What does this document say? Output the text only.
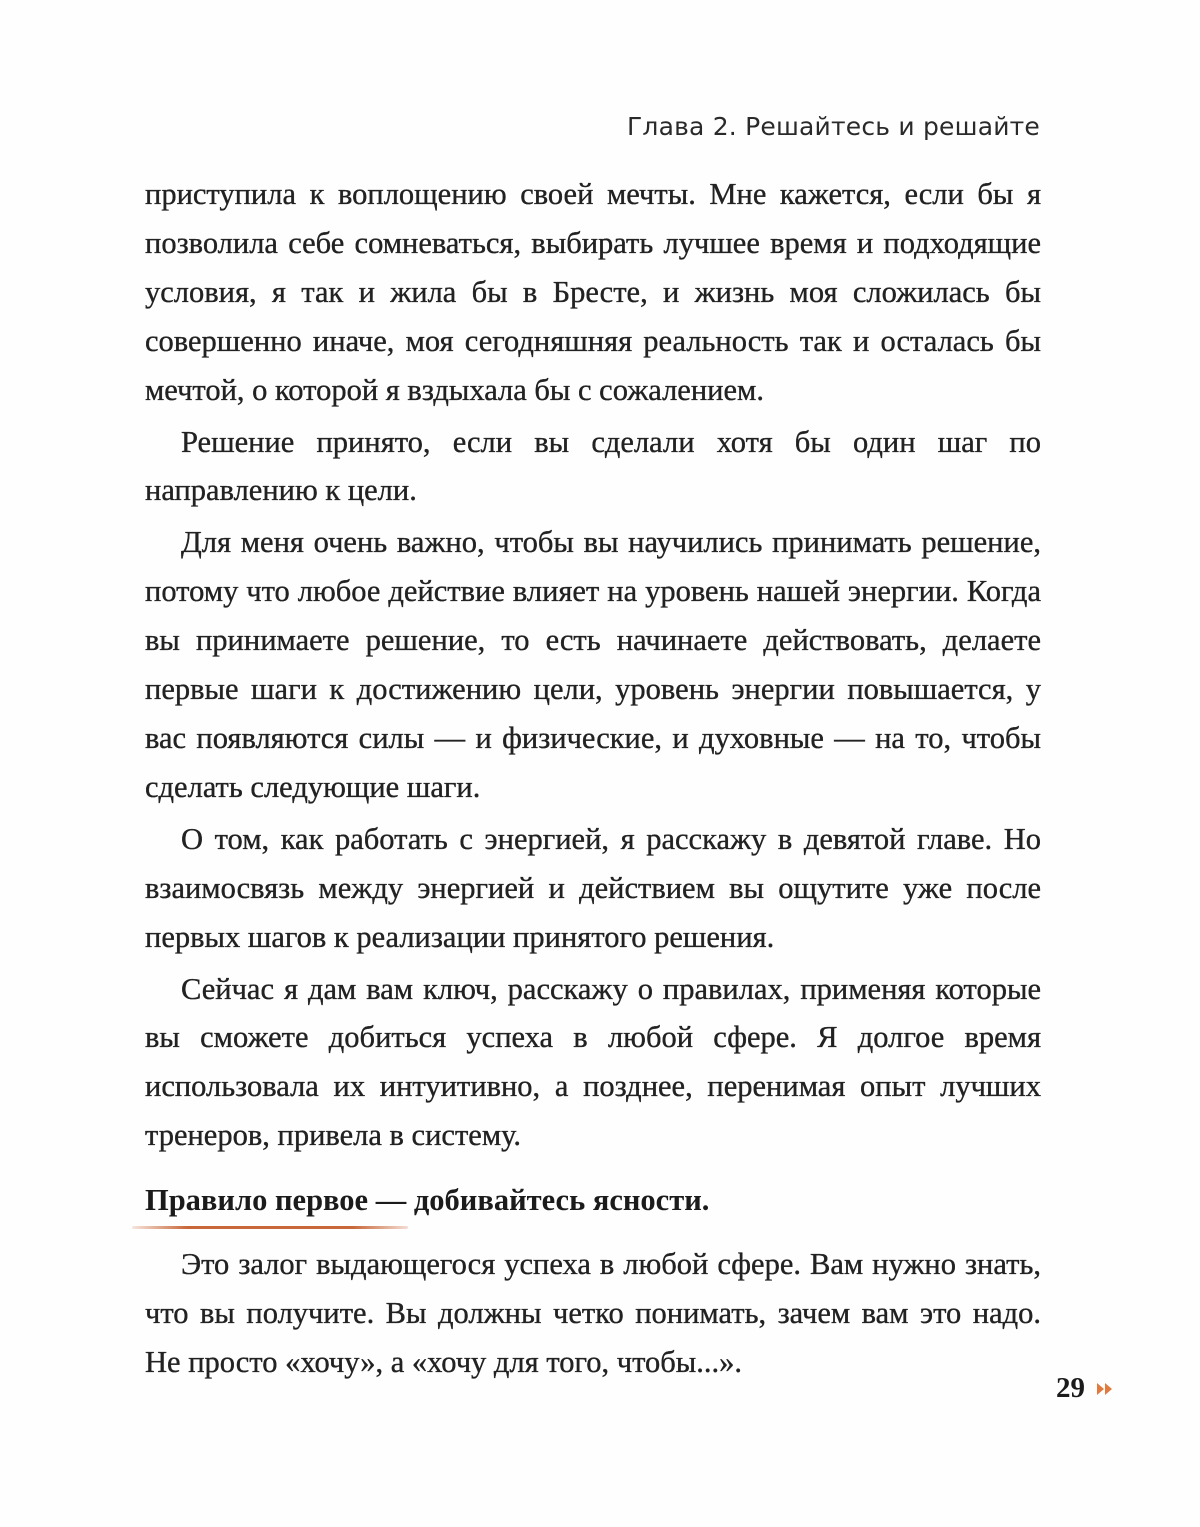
Глава 2. Решайтесь и решайте

приступила к воплощению своей мечты. Мне кажется, если бы я позволила себе сомневаться, выбирать лучшее время и подходящие условия, я так и жила бы в Бресте, и жизнь моя сложилась бы совершенно иначе, моя сегодняшняя реальность так и осталась бы мечтой, о которой я вздыхала бы с сожалением.

Решение принято, если вы сделали хотя бы один шаг по направлению к цели.

Для меня очень важно, чтобы вы научились принимать решение, потому что любое действие влияет на уровень нашей энергии. Когда вы принимаете решение, то есть начинаете действовать, делаете первые шаги к достижению цели, уровень энергии повышается, у вас появляются силы — и физические, и духовные — на то, чтобы сделать следующие шаги.

О том, как работать с энергией, я расскажу в девятой главе. Но взаимосвязь между энергией и действием вы ощутите уже после первых шагов к реализации принятого решения.

Сейчас я дам вам ключ, расскажу о правилах, применяя которые вы сможете добиться успеха в любой сфере. Я долгое время использовала их интуитивно, а позднее, перенимая опыт лучших тренеров, привела в систему.

Правило первое — добивайтесь ясности.

Это залог выдающегося успеха в любой сфере. Вам нужно знать, что вы получите. Вы должны четко понимать, зачем вам это надо. Не просто «хочу», а «хочу для того, чтобы...».

29
